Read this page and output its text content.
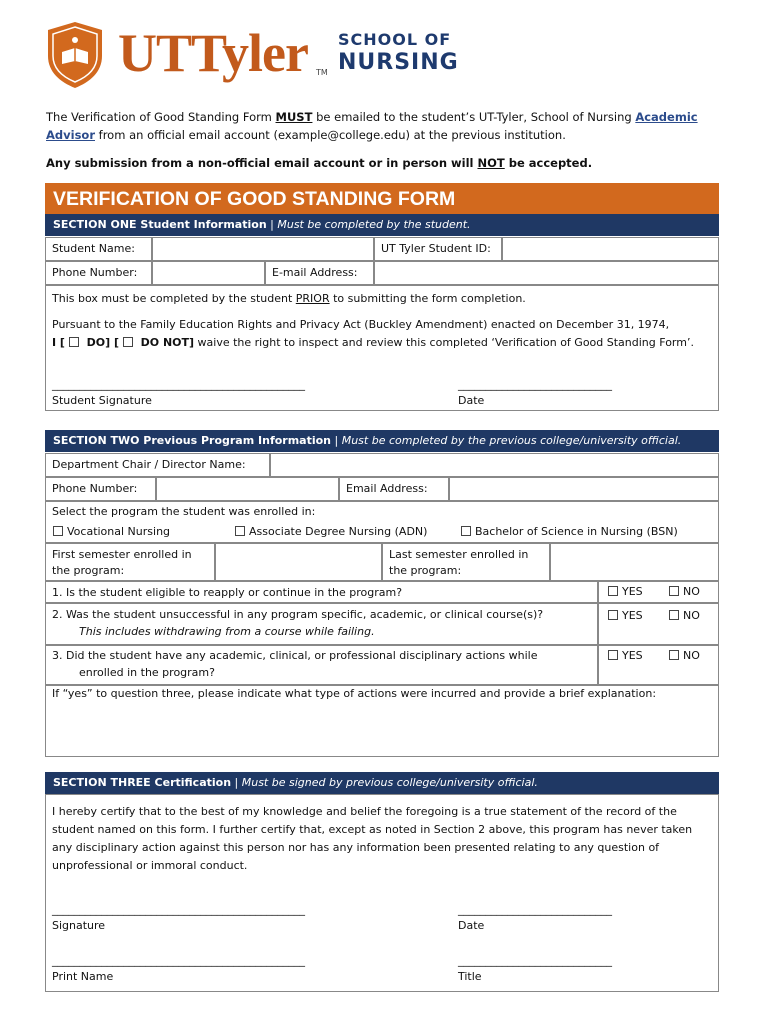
UTTyler TM
SCHOOL OF
NURSING
The Verification of Good Standing Form MUST be emailed to the student’s UT-Tyler, School of Nursing Academic
Advisor from an official email account (example@college.edu) at the previous institution.
Any submission from a non-official email account or in person will NOT be accepted.
VERIFICATION OF GOOD STANDING FORM
SECTION ONE Student Information | Must be completed by the student.
Student Name:	UT Tyler Student ID:
Phone Number:	E-mail Address:
This box must be completed by the student PRIOR to submitting the form completion.
Pursuant to the Family Education Rights and Privacy Act (Buckley Amendment) enacted on December 31, 1974,
I [  DO] [  DO NOT] waive the right to inspect and review this completed ‘Verification of Good Standing Form’.
______________________________________________	____________________________
Student Signature	Date
SECTION TWO Previous Program Information | Must be completed by the previous college/university official.
Department Chair / Director Name:
Phone Number:	Email Address:
Select the program the student was enrolled in:
Vocational Nursing	Associate Degree Nursing (ADN)	Bachelor of Science in Nursing (BSN)
First semester enrolled in the program:
Last semester enrolled in the program:
1. Is the student eligible to reapply or continue in the program?	YES	NO
2. Was the student unsuccessful in any program specific, academic, or clinical course(s)?
This includes withdrawing from a course while failing.
YES	NO
3. Did the student have any academic, clinical, or professional disciplinary actions while
enrolled in the program?
YES	NO
If “yes” to question three, please indicate what type of actions were incurred and provide a brief explanation:
SECTION THREE Certification | Must be signed by previous college/university official.
I hereby certify that to the best of my knowledge and belief the foregoing is a true statement of the record of the
student named on this form. I further certify that, except as noted in Section 2 above, this program has never taken
any disciplinary action against this person nor has any information been presented relating to any question of
unprofessional or immoral conduct.
______________________________________________	____________________________
Signature	Date
______________________________________________	____________________________
Print Name	Title
